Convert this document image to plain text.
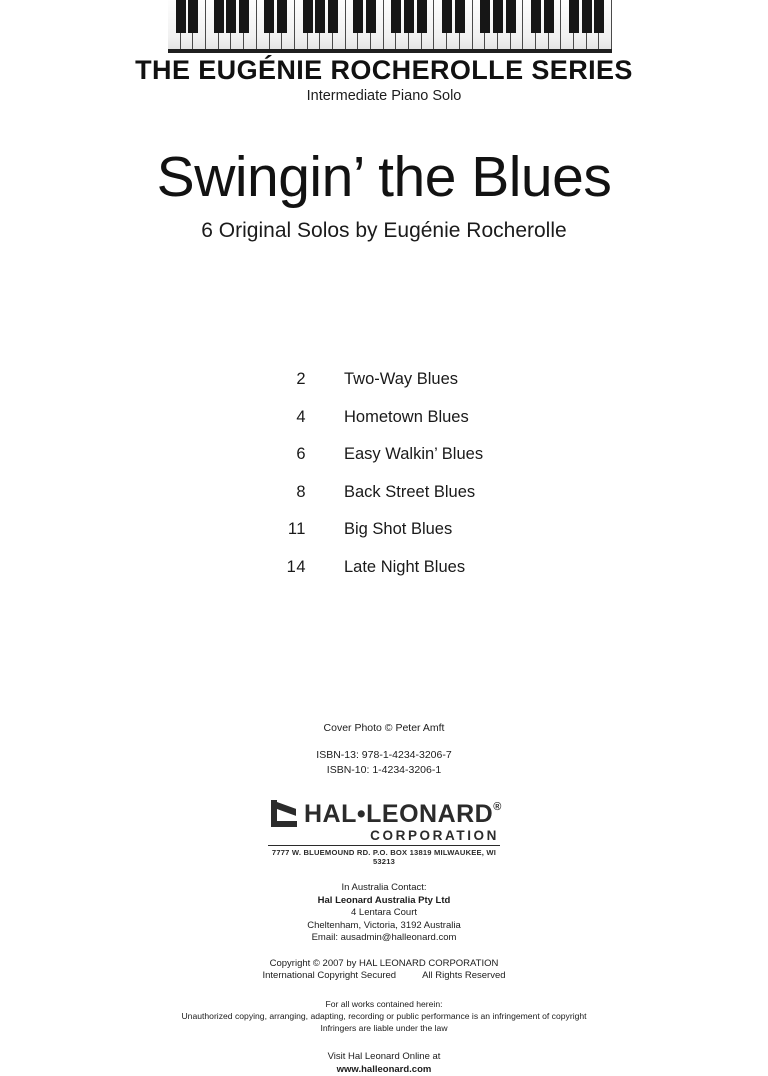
THE EUGÉNIE ROCHEROLLE SERIES
Intermediate Piano Solo
Swingin’ the Blues
6 Original Solos by Eugénie Rocherolle
2 Two-Way Blues
4 Hometown Blues
6 Easy Walkin’ Blues
8 Back Street Blues
11 Big Shot Blues
14 Late Night Blues
Cover Photo © Peter Amft
ISBN-13: 978-1-4234-3206-7
ISBN-10: 1-4234-3206-1
HAL•LEONARD®
CORPORATION
7777 W. BLUEMOUND RD. P.O. BOX 13819 MILWAUKEE, WI 53213
In Australia Contact:
Hal Leonard Australia Pty Ltd
4 Lentara Court
Cheltenham, Victoria, 3192 Australia
Email: ausadmin@halleonard.com
Copyright © 2007 by HAL LEONARD CORPORATION
International Copyright Secured	All Rights Reserved
For all works contained herein:
Unauthorized copying, arranging, adapting, recording or public performance is an infringement of copyright
Infringers are liable under the law
Visit Hal Leonard Online at
www.halleonard.com
